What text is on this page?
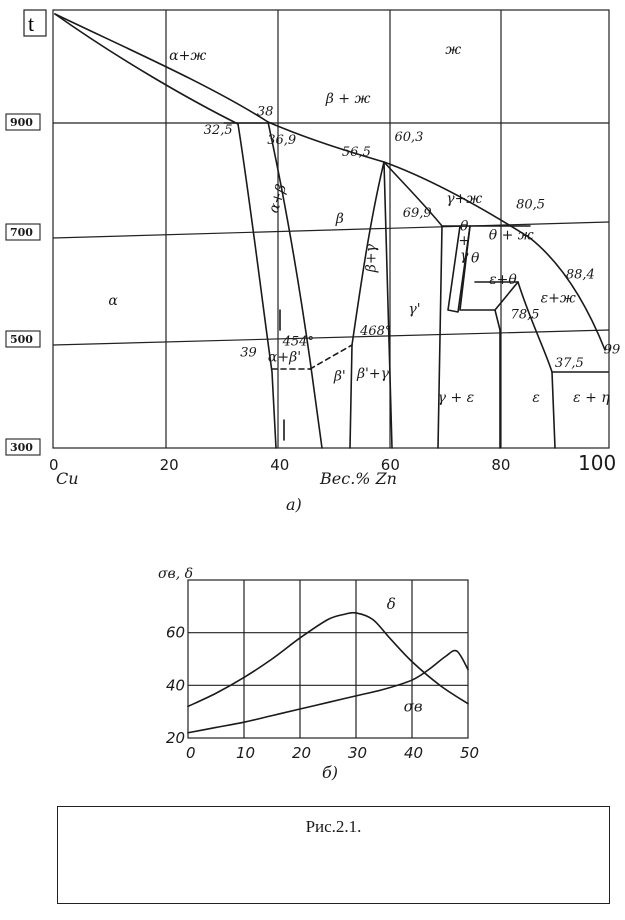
t
900
700
500
300
0	20	40	60	80	100
Cu	Вес.% Zn
а)
α+ж	ж
β + ж
α+β
β
α
γ+ж
θ + ж
θ
θ
+
γ
ε+θ
ε+ж
β+γ
γ'
α+β'
β' β'+γ
γ + ε	ε ε + η
38
32,5
36,9
56,5
60,3
80,5
69,9
88,4
78,5
37,5
99
39
454°
468°
20
40
60
0	10 20 30 40 50
δ
σв
σв, δ
б)
Рис.2.1.
